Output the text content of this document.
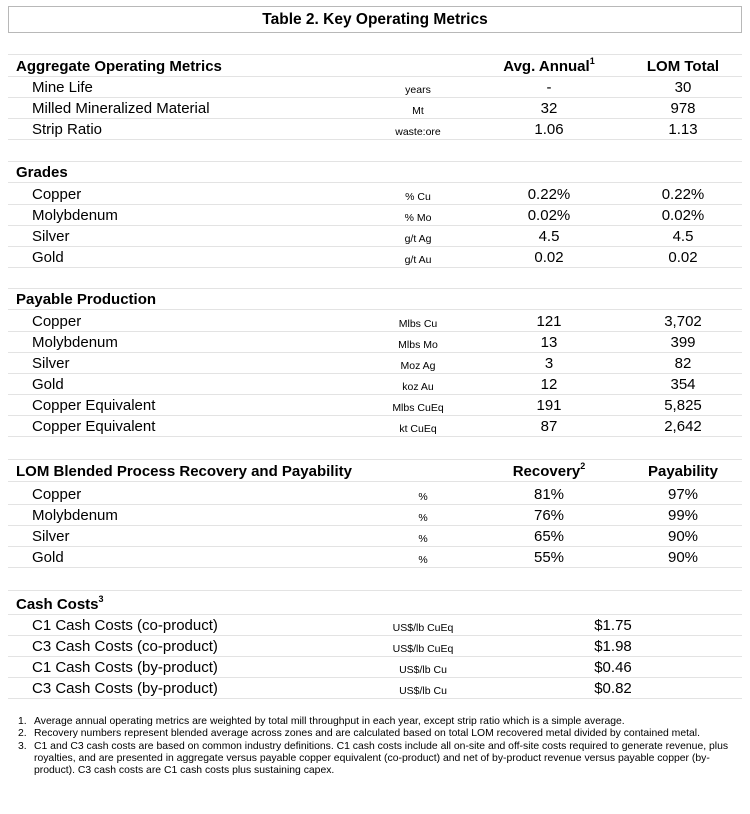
Table 2. Key Operating Metrics
Aggregate Operating Metrics	Avg. Annual$^1$	LOM Total
Mine Life	years	-	30
Milled Mineralized Material	Mt	32	978
Strip Ratio	waste:ore	1.06	1.13
Grades
Copper	% Cu	0.22%	0.22%
Molybdenum	% Mo	0.02%	0.02%
Silver	g/t Ag	4.5	4.5
Gold	g/t Au	0.02	0.02
Payable Production
Copper	Mlbs Cu	121	3,702
Molybdenum	Mlbs Mo	13	399
Silver	Moz Ag	3	82
Gold	koz Au	12	354
Copper Equivalent	Mlbs CuEq	191	5,825
Copper Equivalent	kt CuEq	87	2,642
LOM Blended Process Recovery and Payability	Recovery$^2$	Payability
Copper	%	81%	97%
Molybdenum	%	76%	99%
Silver	%	65%	90%
Gold	%	55%	90%
Cash Costs$^3$
C1 Cash Costs (co-product)	US$/lb CuEq	$1.75
C3 Cash Costs (co-product)	US$/lb CuEq	$1.98
C1 Cash Costs (by-product)	US$/lb Cu	$0.46
C3 Cash Costs (by-product)	US$/lb Cu	$0.82
1. Average annual operating metrics are weighted by total mill throughput in each year, except strip ratio which is a simple average.
2. Recovery numbers represent blended average across zones and are calculated based on total LOM recovered metal divided by contained metal.
3. C1 and C3 cash costs are based on common industry definitions. C1 cash costs include all on-site and off-site costs required to generate revenue, plus royalties, and are presented in aggregate versus payable copper equivalent (co-product) and net of by-product revenue versus payable copper (by-product). C3 cash costs are C1 cash costs plus sustaining capex.
